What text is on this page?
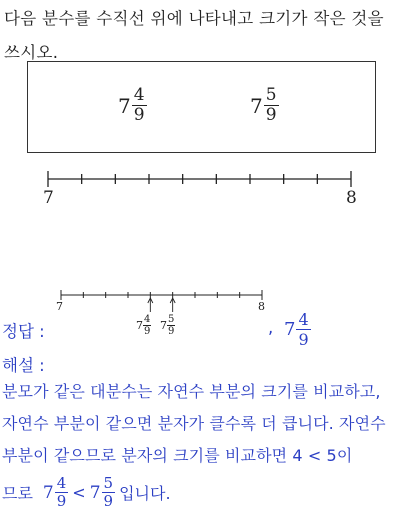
다음 분수를 수직선 위에 나타내고 크기가 작은 것을 쓰시오.
$7 \frac{4}{9}$	$7 \frac{5}{9}$
7	8
정답 :
7	8
$7 \frac{4}{9} 7 \frac{5}{9}$	, $7 \frac{4}{9}$
해설 :
분모가 같은 대분수는 자연수 부분의 크기를 비교하고, 자연수 부분이 같으면 분자가 클수록 더 큽니다. 자연수 부분이 같으므로 분자의 크기를 비교하면 4 < 5이
므로 $7 \frac{4}{9} < 7 \frac{5}{9}$ 입니다.
